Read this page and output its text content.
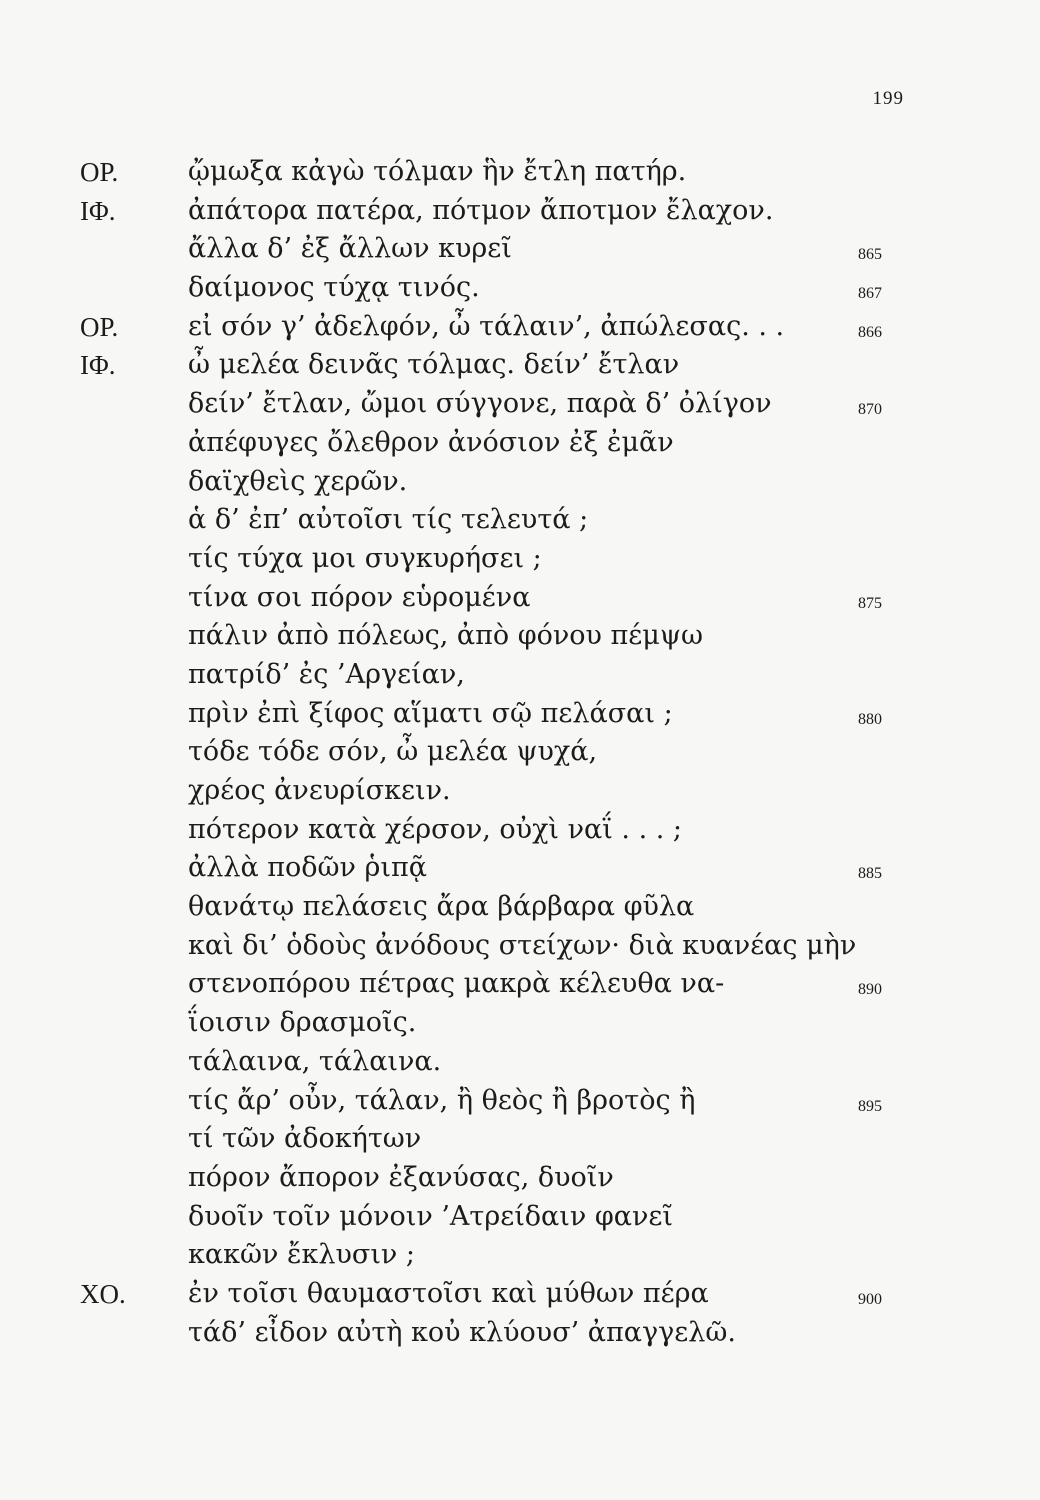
199
ΟΡ.	ᾤμωξα κἀγὼ τόλμαν ἣν ἔτλη πατήρ.
ΙΦ.	ἀπάτορα πατέρα, πότμον ἄποτμον ἔλαχον.
ἄλλα δ’ ἐξ ἄλλων κυρεῖ	865
δαίμονος τύχᾳ τινός.	867
ΟΡ.	εἰ σόν γ’ ἀδελφόν, ὦ τάλαιν’, ἀπώλεσας. . .	866
ΙΦ.	ὦ μελέα δεινᾶς τόλμας. δείν’ ἔτλαν
δείν’ ἔτλαν, ὤμοι σύγγονε, παρὰ δ’ ὀλίγον	870
ἀπέφυγες ὄλεθρον ἀνόσιον ἐξ ἐμᾶν
δαϊχθεὶς χερῶν.
ἁ δ’ ἐπ’ αὐτοῖσι τίς τελευτά ;
τίς τύχα μοι συγκυρήσει ;
τίνα σοι πόρον εὑρομένα	875
πάλιν ἀπὸ πόλεως, ἀπὸ φόνου πέμψω
πατρίδ’ ἐς ’Αργείαν,
πρὶν ἐπὶ ξίφος αἵματι σῷ πελάσαι ;	880
τόδε τόδε σόν, ὦ μελέα ψυχά,
χρέος ἀνευρίσκειν.
πότερον κατὰ χέρσον, οὐχὶ ναΐ . . . ;
ἀλλὰ ποδῶν ῥιπᾷ	885
θανάτῳ πελάσεις ἄρα βάρβαρα φῦλα
καὶ δι’ ὁδοὺς ἀνόδους στείχων· διὰ κυανέας μὴν
στενοπόρου πέτρας μακρὰ κέλευθα να-	890
ΐοισιν δρασμοῖς.
τάλαινα, τάλαινα.
τίς ἄρ’ οὖν, τάλαν, ἢ θεὸς ἢ βροτὸς ἢ	895
τί τῶν ἀδοκήτων
πόρον ἄπορον ἐξανύσας, δυοῖν
δυοῖν τοῖν μόνοιν ’Ατρείδαιν φανεῖ
κακῶν ἔκλυσιν ;
ΧΟ. ἐν τοῖσι θαυμαστοῖσι καὶ μύθων πέρα	900
τάδ’ εἶδον αὐτὴ κοὐ κλύουσ’ ἀπαγγελῶ.
